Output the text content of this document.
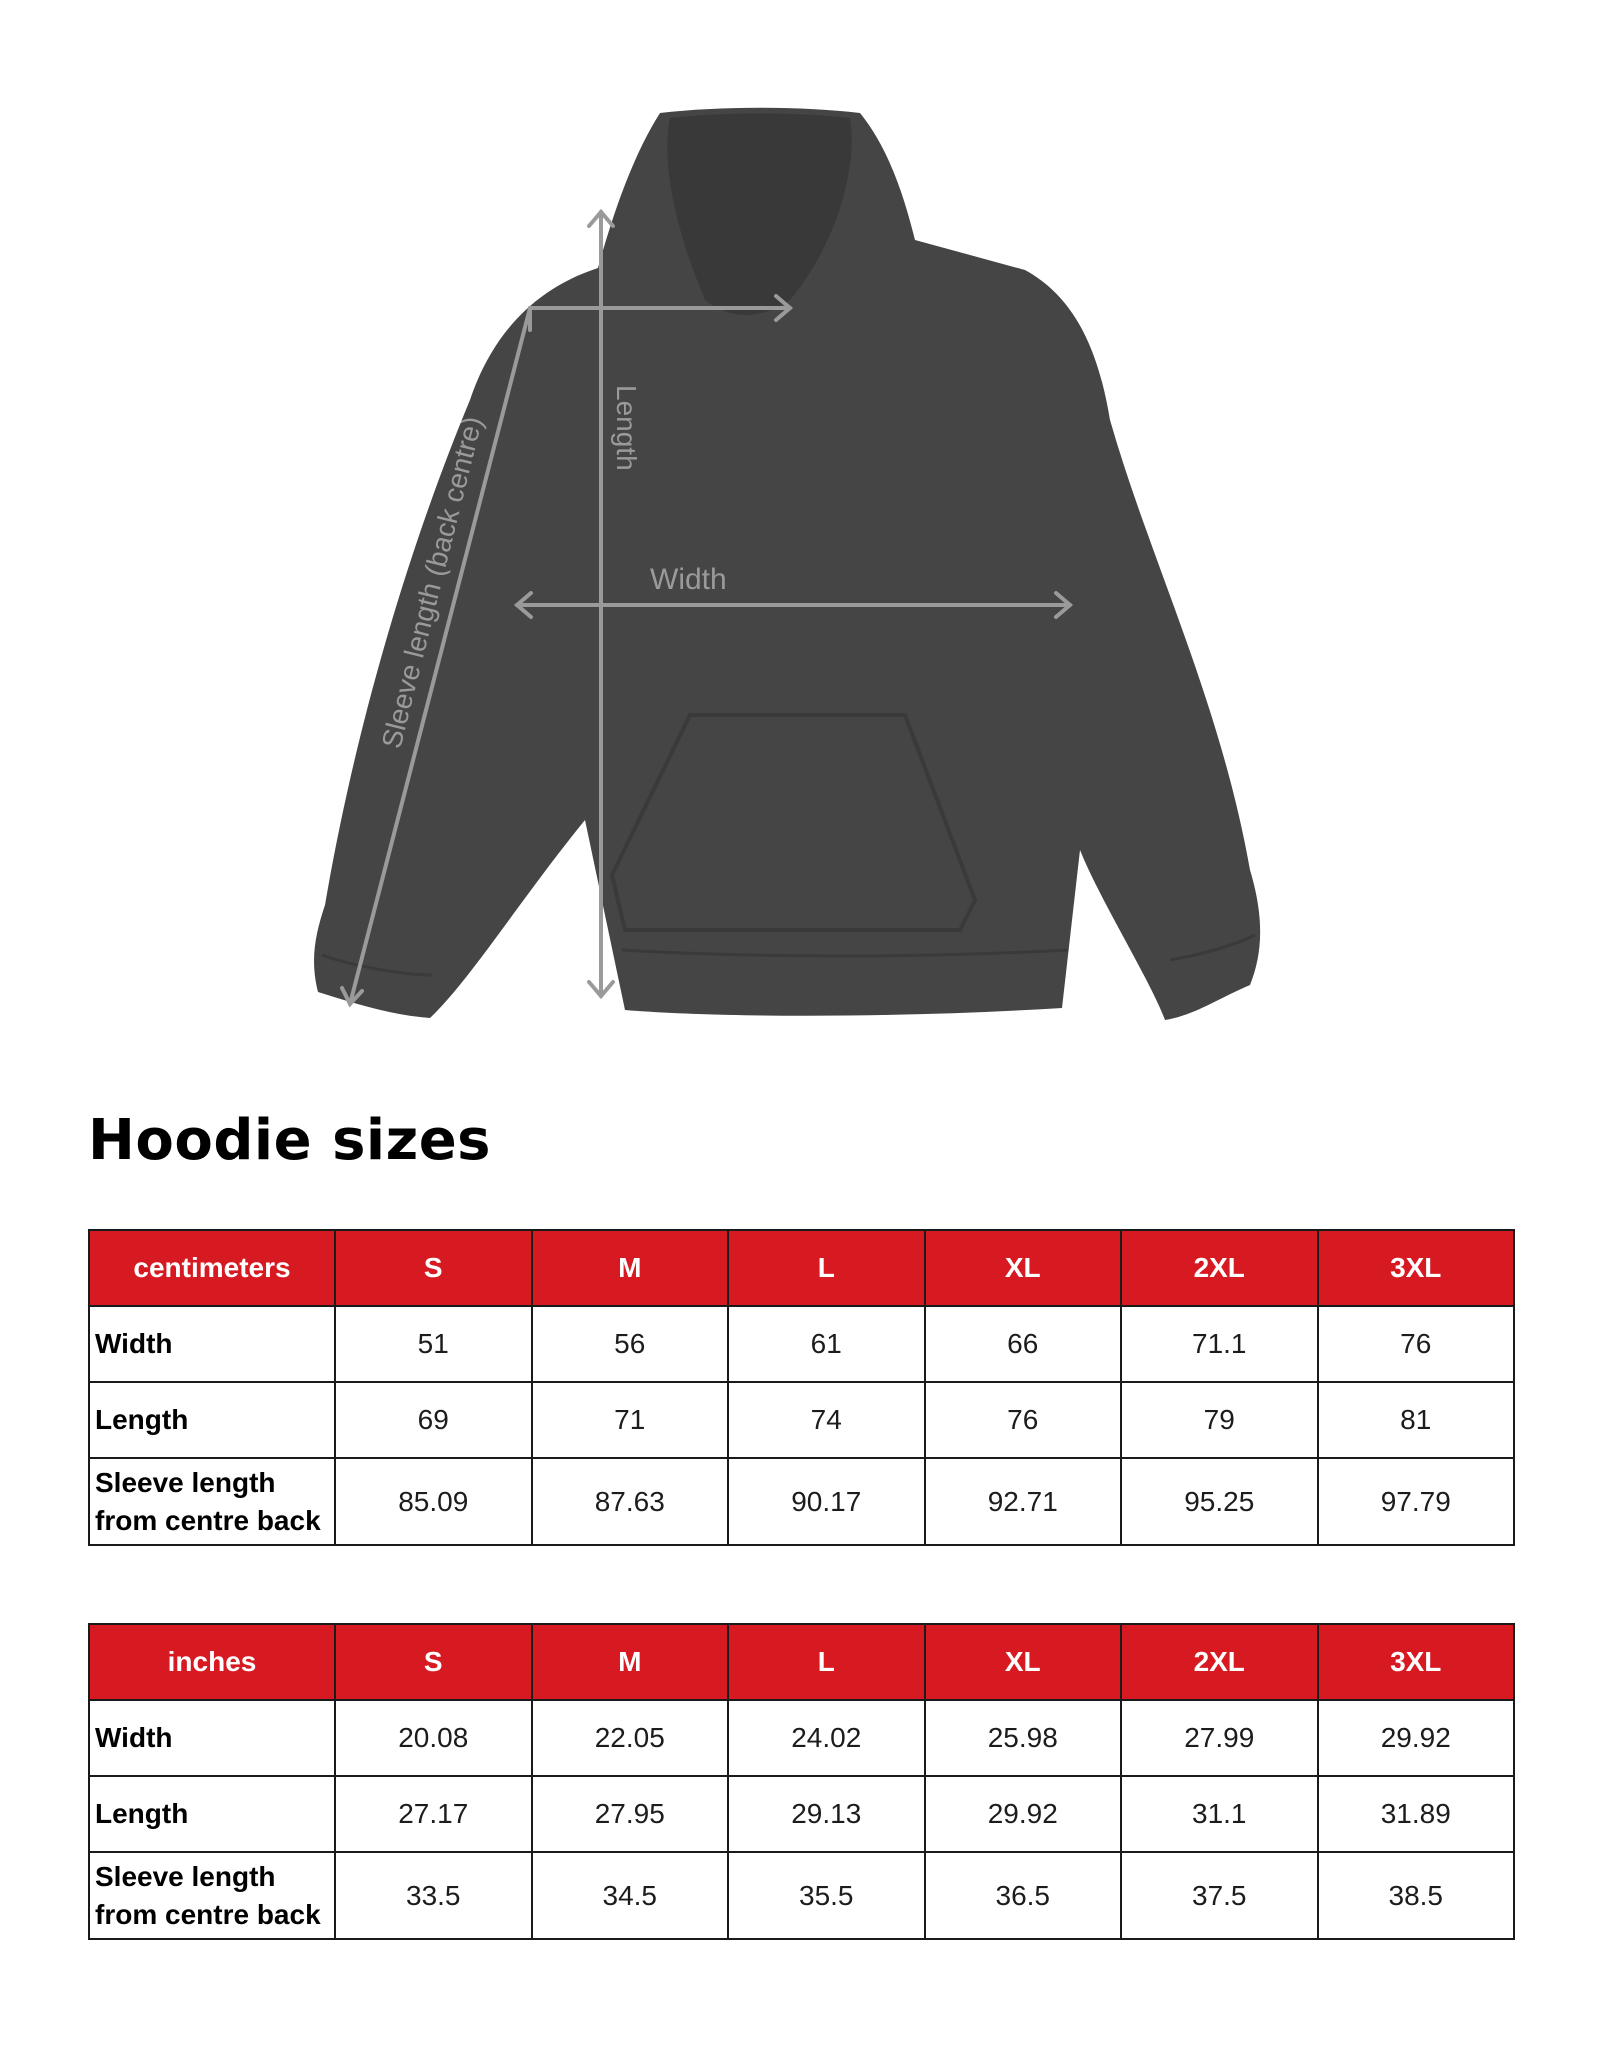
Length
Width
Sleeve length (back centre)
Hoodie sizes
centimeters	S	M	L	XL	2XL	3XL
Width	51	56	61	66	71.1	76
Length	69	71	74	76	79	81
Sleeve length
from centre back	85.09	87.63	90.17	92.71	95.25	97.79
inches	S	M	L	XL	2XL	3XL
Width	20.08	22.05	24.02	25.98	27.99	29.92
Length	27.17	27.95	29.13	29.92	31.1	31.89
Sleeve length
from centre back	33.5	34.5	35.5	36.5	37.5	38.5
